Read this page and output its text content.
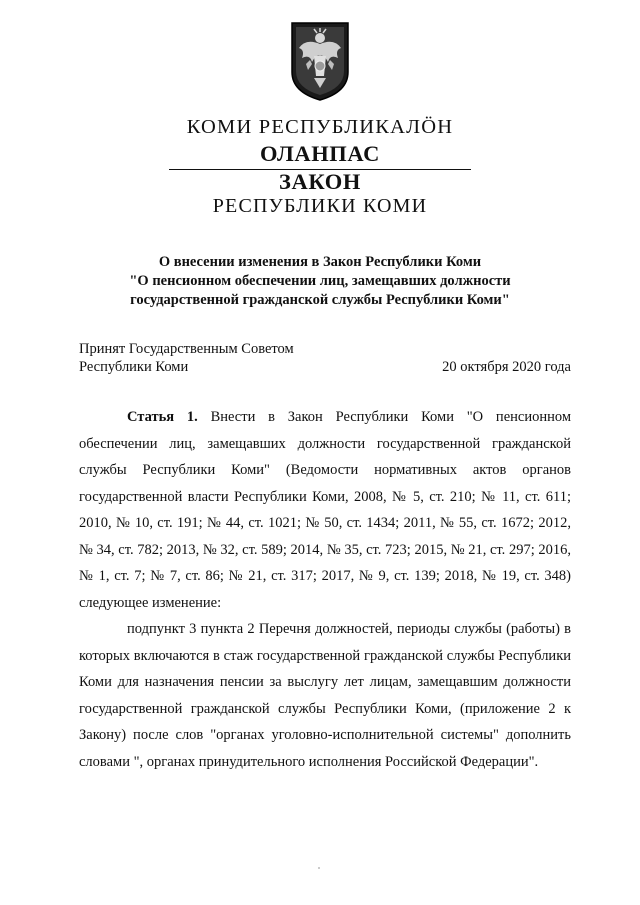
КОМИ РЕСПУБЛИКАЛӦН
ОЛАНПАС
ЗАКОН
РЕСПУБЛИКИ КОМИ
О внесении изменения в Закон Республики Коми
"О пенсионном обеспечении лиц, замещавших должности
государственной гражданской службы Республики Коми"
Принят Государственным Советом
Республики Коми	20 октября 2020 года

Статья 1. Внести в Закон Республики Коми "О пенсионном обеспечении лиц, замещавших должности государственной гражданской службы Республики Коми" (Ведомости нормативных актов органов государственной власти Республики Коми, 2008, № 5, ст. 210; № 11, ст. 611; 2010, № 10, ст. 191; № 44, ст. 1021; № 50, ст. 1434; 2011, № 55, ст. 1672; 2012, № 34, ст. 782; 2013, № 32, ст. 589; 2014, № 35, ст. 723; 2015, № 21, ст. 297; 2016, № 1, ст. 7; № 7, ст. 86; № 21, ст. 317; 2017, № 9, ст. 139; 2018, № 19, ст. 348) следующее изменение:

подпункт 3 пункта 2 Перечня должностей, периоды службы (работы) в которых включаются в стаж государственной гражданской службы Республики Коми для назначения пенсии за выслугу лет лицам, замещавшим должности государственной гражданской службы Республики Коми, (приложение 2 к Закону) после слов "органах уголовно-исполнительной системы" дополнить словами ", органах принудительного исполнения Российской Федерации".
